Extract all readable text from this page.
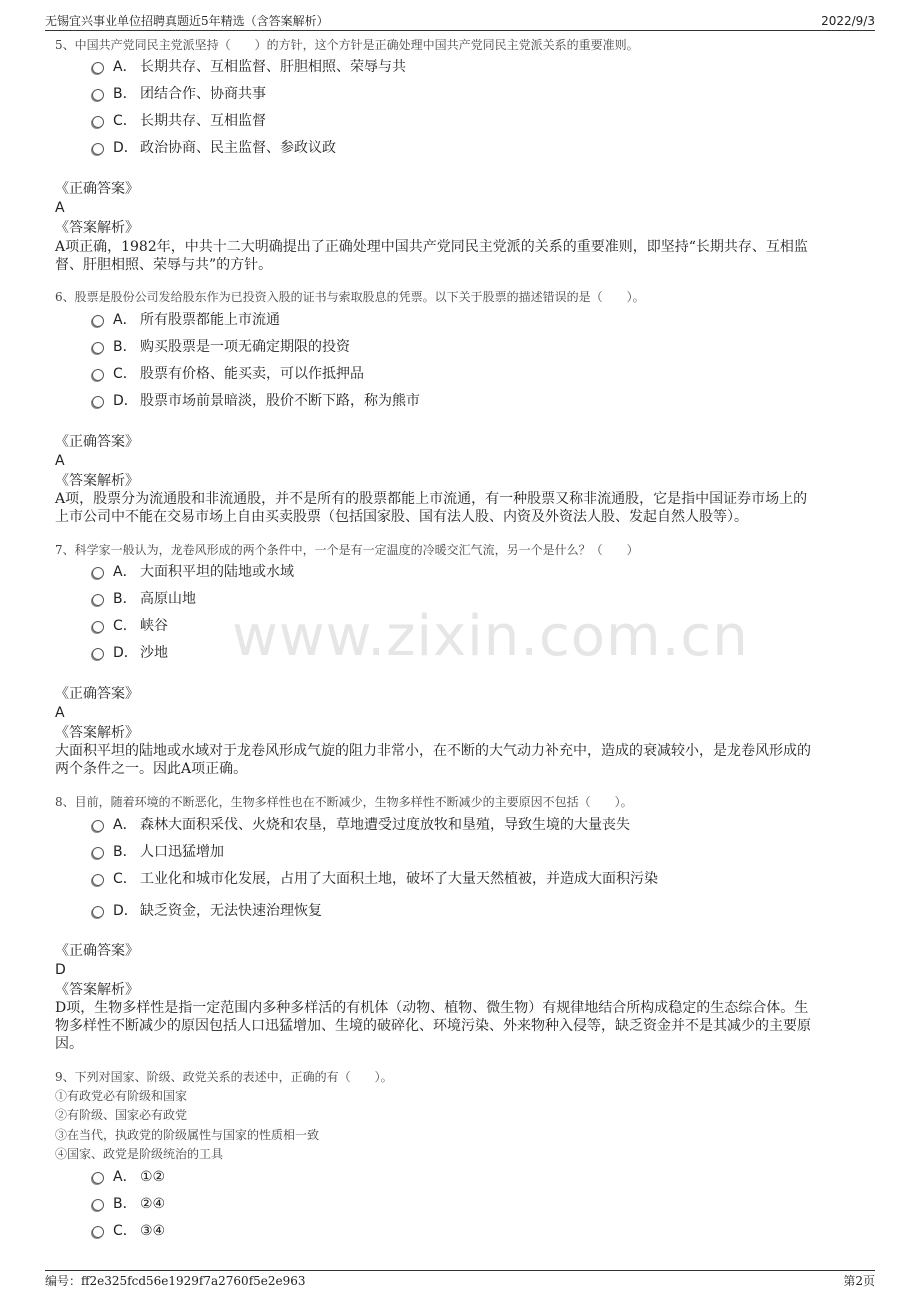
无锡宜兴事业单位招聘真题近5年精选（含答案解析）	2022/9/3
www.zixin.com.cn

5、中国共产党同民主党派坚持（　　）的方针，这个方针是正确处理中国共产党同民主党派关系的重要准则。

A． 长期共存、互相监督、肝胆相照、荣辱与共
B． 团结合作、协商共事
C． 长期共存、互相监督
D． 政治协商、民主监督、参政议政

《正确答案》

A

《答案解析》

A项正确，1982年，中共十二大明确提出了正确处理中国共产党同民主党派的关系的重要准则，即坚持“长期共存、互相监

督、肝胆相照、荣辱与共”的方针。

6、股票是股份公司发给股东作为已投资入股的证书与索取股息的凭票。以下关于股票的描述错误的是（　　）。

A． 所有股票都能上市流通
B． 购买股票是一项无确定期限的投资
C． 股票有价格、能买卖，可以作抵押品
D． 股票市场前景暗淡，股价不断下路，称为熊市

《正确答案》

A

《答案解析》

A项，股票分为流通股和非流通股，并不是所有的股票都能上市流通，有一种股票又称非流通股，它是指中国证券市场上的

上市公司中不能在交易市场上自由买卖股票（包括国家股、国有法人股、内资及外资法人股、发起自然人股等）。

7、科学家一般认为，龙卷风形成的两个条件中，一个是有一定温度的冷暖交汇气流，另一个是什么？（　　）

A． 大面积平坦的陆地或水域
B． 高原山地
C． 峡谷
D． 沙地

《正确答案》

A

《答案解析》

大面积平坦的陆地或水域对于龙卷风形成气旋的阻力非常小，在不断的大气动力补充中，造成的衰减较小，是龙卷风形成的

两个条件之一。因此A项正确。

8、目前，随着环境的不断恶化，生物多样性也在不断减少，生物多样性不断减少的主要原因不包括（　　）。

A． 森林大面积采伐、火烧和农垦，草地遭受过度放牧和垦殖，导致生境的大量丧失
B． 人口迅猛增加
C． 工业化和城市化发展，占用了大面积土地，破坏了大量天然植被，并造成大面积污染
D． 缺乏资金，无法快速治理恢复

《正确答案》

D

《答案解析》

D项，生物多样性是指一定范围内多种多样活的有机体（动物、植物、微生物）有规律地结合所构成稳定的生态综合体。生

物多样性不断减少的原因包括人口迅猛增加、生境的破碎化、环境污染、外来物种入侵等，缺乏资金并不是其减少的主要原

因。

9、下列对国家、阶级、政党关系的表述中，正确的有（　　）。

①有政党必有阶级和国家

②有阶级、国家必有政党

③在当代，执政党的阶级属性与国家的性质相一致

④国家、政党是阶级统治的工具

A． ①②
B． ②④
C． ③④
编号：ff2e325fcd56e1929f7a2760f5e2e963	第2页
